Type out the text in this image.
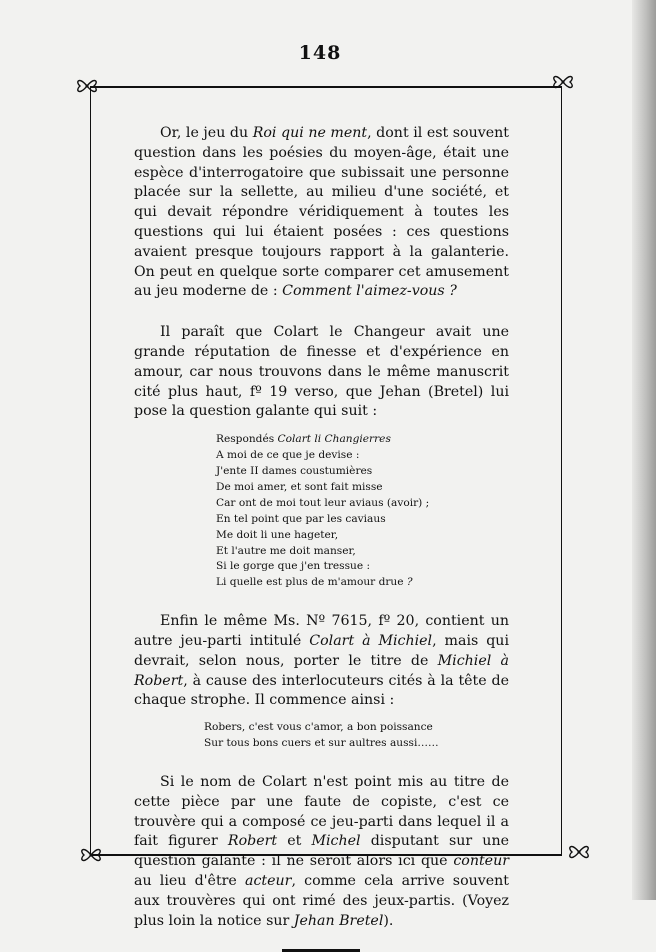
148

Or, le jeu du Roi qui ne ment, dont il est souvent question dans les poésies du moyen-âge, était une espèce d'interrogatoire que subissait une personne placée sur la sellette, au milieu d'une société, et qui devait répondre véridiquement à toutes les questions qui lui étaient posées : ces questions avaient presque toujours rapport à la galanterie. On peut en quelque sorte comparer cet amusement au jeu moderne de : Comment l'aimez-vous ?

Il paraît que Colart le Changeur avait une grande réputation de finesse et d'expérience en amour, car nous trouvons dans le même manuscrit cité plus haut, fº 19 verso, que Jehan (Bretel) lui pose la question galante qui suit :

Respondés Colart li Changierres
A moi de ce que je devise :
J'ente II dames coustumières
De moi amer, et sont fait misse
Car ont de moi tout leur aviaus (avoir) ;
En tel point que par les caviaus
Me doit li une hageter,
Et l'autre me doit manser,
Si le gorge que j'en tressue :
Li quelle est plus de m'amour drue ?

Enfin le même Ms. Nº 7615, fº 20, contient un autre jeu-parti intitulé Colart à Michiel, mais qui devrait, selon nous, porter le titre de Michiel à Robert, à cause des interlocuteurs cités à la tête de chaque strophe. Il commence ainsi :

Robers, c'est vous c'amor, a bon poissance
Sur tous bons cuers et sur aultres aussi……

Si le nom de Colart n'est point mis au titre de cette pièce par une faute de copiste, c'est ce trouvère qui a composé ce jeu-parti dans lequel il a fait figurer Robert et Michel disputant sur une question galante : il ne seroit alors ici que conteur au lieu d'être acteur, comme cela arrive souvent aux trouvères qui ont rimé des jeux-partis. (Voyez plus loin la notice sur Jehan Bretel).
